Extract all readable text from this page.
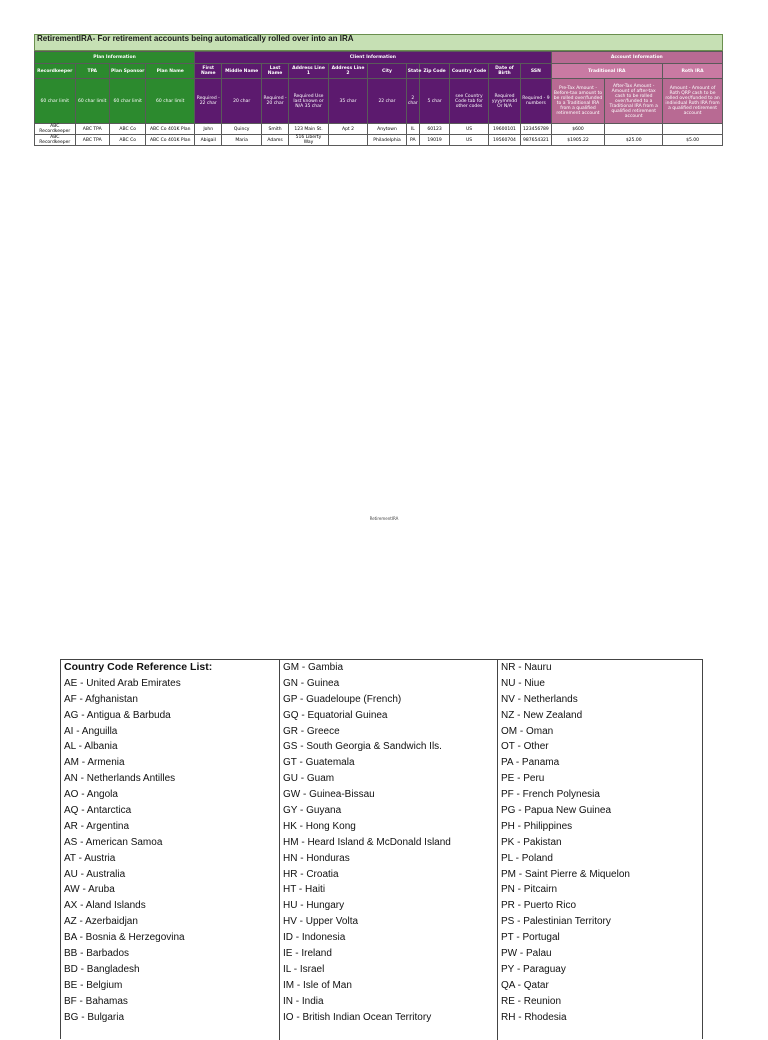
RetirementIRA- For retirement accounts being automatically rolled over into an IRA
Plan Information				Client Information											Account Information		
Recordkeeper	TPA	Plan Sponsor	Plan Name	First Name	Middle Name	Last Name	Address Line 1	Address Line 2	City	State	Zip Code	Country Code	Date of Birth	SSN	Traditional IRA		Roth IRA
60 char limit	60 char limit	60 char limit	60 char limit	Required - 22 char	20 char	Required - 20 char	Required Use last known or N/A 35 char	35 char	22 char	2 char	5 char	see Country Code tab for other codes	Required yyyymmdd Or N/A	Required - 9 numbers	Pre-Tax Amount - Before-tax amount to be rolled over/funded to a Traditional IRA from a qualified retirement account	After-Tax Amount - Amount of after-tax cash to be rolled over/funded to a Traditional IRA from a qualified retirement account	Amount - Amount of Roth QRP cash to be rolled over/funded to an individual Roth IRA from a qualified retirement account
ABC Recordkeeper	ABC TPA	ABC Co	ABC Co 401K Plan	John	Quincy	Smith	123 Main St.	Apt 2	Anytown	IL	60123	US	19600101	123456789	$600		
ABC Recordkeeper	ABC TPA	ABC Co	ABC Co 401K Plan	Abigail	Maria	Adams	516 Liberty Way		Philadelphia	PA	19019	US	19560704	987654321	$1905.22	$25.00	$5.00
RetirementIRA
Country Code Reference List:
AE - United Arab Emirates
AF - Afghanistan
AG - Antigua & Barbuda
AI - Anguilla
AL - Albania
AM - Armenia
AN - Netherlands Antilles
AO - Angola
AQ - Antarctica
AR - Argentina
AS - American Samoa
AT - Austria
AU - Australia
AW - Aruba
AX - Aland Islands
AZ - Azerbaidjan
BA - Bosnia & Herzegovina
BB - Barbados
BD - Bangladesh
BE - Belgium
BF - Bahamas
BG - Bulgaria
GM - Gambia
GN - Guinea
GP - Guadeloupe (French)
GQ - Equatorial Guinea
GR - Greece
GS - South Georgia & Sandwich Ils.
GT - Guatemala
GU - Guam
GW - Guinea-Bissau
GY - Guyana
HK - Hong Kong
HM - Heard Island & McDonald Island
HN - Honduras
HR - Croatia
HT - Haiti
HU - Hungary
HV - Upper Volta
ID - Indonesia
IE - Ireland
IL - Israel
IM - Isle of Man
IN - India
IO - British Indian Ocean Territory
NR - Nauru
NU - Niue
NV - Netherlands
NZ - New Zealand
OM - Oman
OT - Other
PA - Panama
PE - Peru
PF - French Polynesia
PG - Papua New Guinea
PH - Philippines
PK - Pakistan
PL - Poland
PM - Saint Pierre & Miquelon
PN - Pitcairn
PR - Puerto Rico
PS - Palestinian Territory
PT - Portugal
PW - Palau
PY - Paraguay
QA - Qatar
RE - Reunion
RH - Rhodesia
